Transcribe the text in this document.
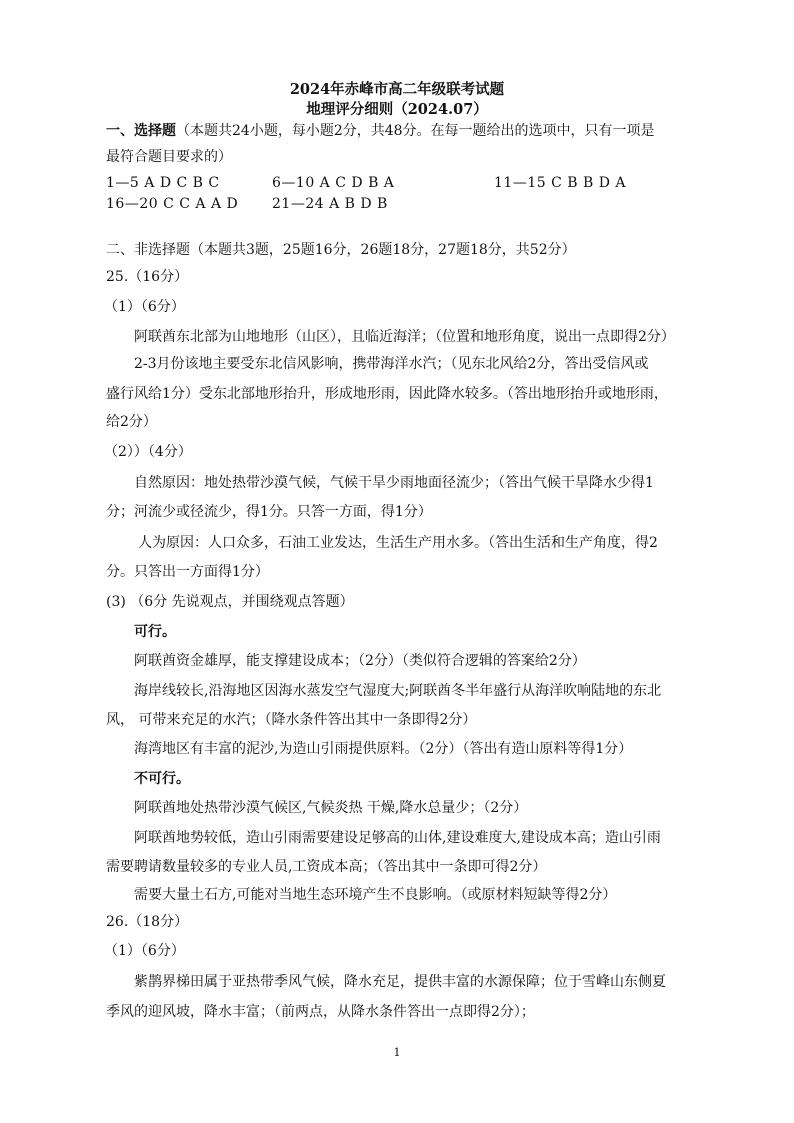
2024年赤峰市高二年级联考试题
地理评分细则（2024.07）
一、选择题（本题共24小题，每小题2分，共48分。在每一题给出的选项中，只有一项是
最符合题目要求的）
1—5 A D C B C	6—10 A C D B A	11—15 C B B D A
16—20 C C A A D 21—24 A B D B
二、非选择题（本题共3题，25题16分，26题18分，27题18分，共52分）
25.（16分）
（1）（6分）
阿联酋东北部为山地地形（山区），且临近海洋；（位置和地形角度，说出一点即得2分）
2-3月份该地主要受东北信风影响，携带海洋水汽；（见东北风给2分，答出受信风或
盛行风给1分）受东北部地形抬升，形成地形雨，因此降水较多。（答出地形抬升或地形雨，
给2分）
（2））（4分）
自然原因：地处热带沙漠气候，气候干旱少雨地面径流少；（答出气候干旱降水少得1
分；河流少或径流少，得1分。只答一方面，得1分）
人为原因：人口众多，石油工业发达，生活生产用水多。（答出生活和生产角度，得2
分。只答出一方面得1分）
(3) （6分 先说观点，并围绕观点答题）
可行。
阿联酋资金雄厚，能支撑建设成本；（2分）（类似符合逻辑的答案给2分）
海岸线较长,沿海地区因海水蒸发空气湿度大;阿联酋冬半年盛行从海洋吹响陆地的东北
风， 可带来充足的水汽；（降水条件答出其中一条即得2分）
海湾地区有丰富的泥沙,为造山引雨提供原料。（2分）（答出有造山原料等得1分）
不可行。
阿联酋地处热带沙漠气候区,气候炎热 干燥,降水总量少；（2分）
阿联酋地势较低，造山引雨需要建设足够高的山体,建设难度大,建设成本高；造山引雨
需要聘请数量较多的专业人员,工资成本高；（答出其中一条即可得2分）
需要大量土石方,可能对当地生态环境产生不良影响。（或原材料短缺等得2分）
26.（18分）
（1）（6分）
紫鹊界梯田属于亚热带季风气候，降水充足，提供丰富的水源保障；位于雪峰山东侧夏
季风的迎风坡，降水丰富；（前两点，从降水条件答出一点即得2分）；
1
